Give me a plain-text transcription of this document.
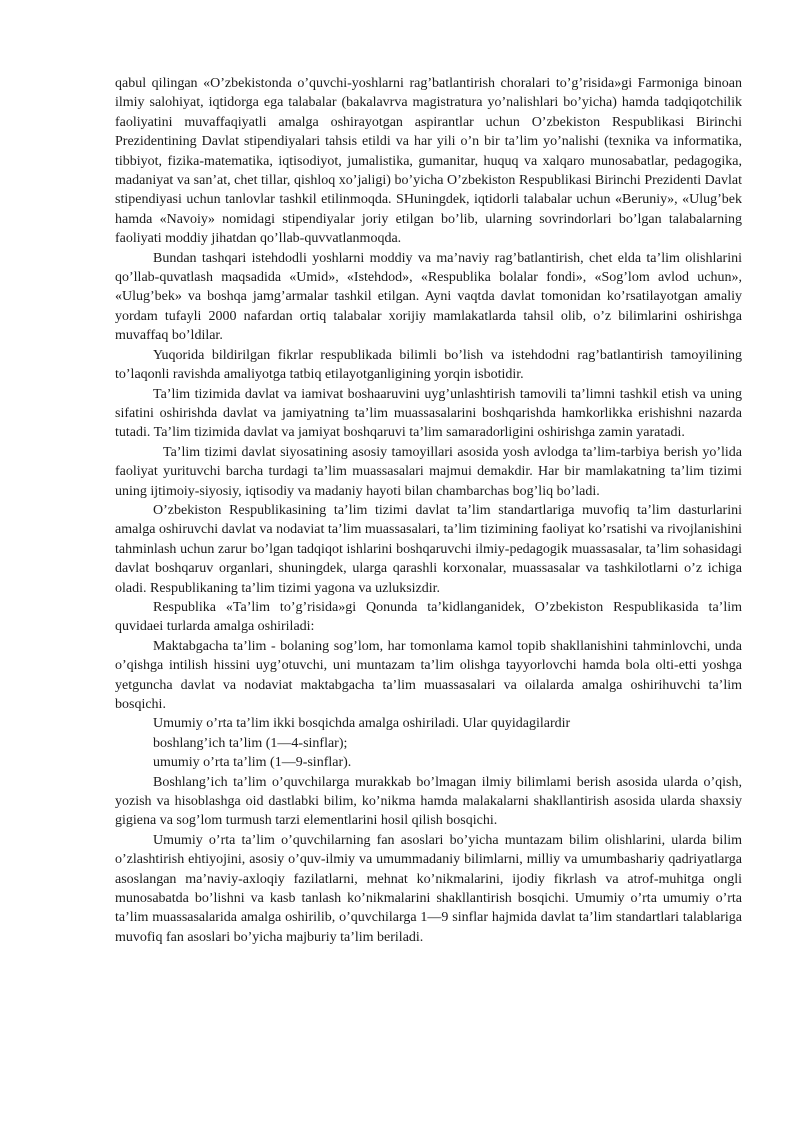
qabul qilingan «O’zbekistonda o’quvchi-yoshlarni rag’batlantirish choralari to’g’risida»gi Farmoniga binoan ilmiy salohiyat, iqtidorga ega talabalar (bakalavrva magistratura yo’nalishlari bo’yicha) hamda tadqiqotchilik faoliyatini muvaffaqiyatli amalga oshirayotgan aspirantlar uchun O’zbekiston Respublikasi Birinchi Prezidentining Davlat stipendiyalari tahsis etildi va har yili o’n bir ta’lim yo’nalishi (texnika va informatika, tibbiyot, fizika-matematika, iqtisodiyot, jumalistika, gumanitar, huquq va xalqaro munosabatlar, pedagogika, madaniyat va san’at, chet tillar, qishloq xo’jaligi) bo’yicha O’zbekiston Respublikasi Birinchi Prezidenti Davlat stipendiyasi uchun tanlovlar tashkil etilinmoqda. SHuningdek, iqtidorli talabalar uchun «Beruniy», «Ulug’bek hamda «Navoiy» nomidagi stipendiyalar joriy etilgan bo’lib, ularning sovrindorlari bo’lgan talabalarning faoliyati moddiy jihatdan qo’llab-quvvatlanmoqda.

Bundan tashqari istehdodli yoshlarni moddiy va ma’naviy rag’batlantirish, chet elda ta’lim olishlarini qo’llab-quvatlash maqsadida «Umid», «Istehdod», «Respublika bolalar fondi», «Sog’lom avlod uchun», «Ulug’bek» va boshqa jamg’armalar tashkil etilgan. Ayni vaqtda davlat tomonidan ko’rsatilayotgan amaliy yordam tufayli 2000 nafardan ortiq talabalar xorijiy mamlakatlarda tahsil olib, o’z bilimlarini oshirishga muvaffaq bo’ldilar.

Yuqorida bildirilgan fikrlar respublikada bilimli bo’lish va istehdodni rag’batlantirish tamoyilining to’laqonli ravishda amaliyotga tatbiq etilayotganligining yorqin isbotidir.

Ta’lim tizimida davlat va iamivat boshaaruvini uyg’unlashtirish tamovili ta’limni tashkil etish va uning sifatini oshirishda davlat va jamiyatning ta’lim muassasalarini boshqarishda hamkorlikka erishishni nazarda tutadi. Ta’lim tizimida davlat va jamiyat boshqaruvi ta’lim samaradorligini oshirishga zamin yaratadi.

Ta’lim tizimi davlat siyosatining asosiy tamoyillari asosida yosh avlodga ta’lim-tarbiya berish yo’lida faoliyat yurituvchi barcha turdagi ta’lim muassasalari majmui demakdir. Har bir mamlakatning ta’lim tizimi uning ijtimoiy-siyosiy, iqtisodiy va madaniy hayoti bilan chambarchas bog’liq bo’ladi.

O’zbekiston Respublikasining ta’lim tizimi davlat ta’lim standartlariga muvofiq ta’lim dasturlarini amalga oshiruvchi davlat va nodaviat ta’lim muassasalari, ta’lim tizimining faoliyat ko’rsatishi va rivojlanishini tahminlash uchun zarur bo’lgan tadqiqot ishlarini boshqaruvchi ilmiy-pedagogik muassasalar, ta’lim sohasidagi davlat boshqaruv organlari, shuningdek, ularga qarashli korxonalar, muassasalar va tashkilotlarni o’z ichiga oladi. Respublikaning ta’lim tizimi yagona va uzluksizdir.

Respublika «Ta’lim to’g’risida»gi Qonunda ta’kidlanganidek, O’zbekiston Respublikasida ta’lim quvidaei turlarda amalga oshiriladi:

Maktabgacha ta’lim - bolaning sog’lom, har tomonlama kamol topib shakllanishini tahminlovchi, unda o’qishga intilish hissini uyg’otuvchi, uni muntazam ta’lim olishga tayyorlovchi hamda bola olti-etti yoshga yetguncha davlat va nodaviat maktabgacha ta’lim muassasalari va oilalarda amalga oshirihuvchi ta’lim bosqichi.

Umumiy o’rta ta’lim ikki bosqichda amalga oshiriladi. Ular quyidagilardir

boshlang’ich ta’lim (1—4-sinflar);

umumiy o’rta ta’lim (1—9-sinflar).

Boshlang’ich ta’lim o’quvchilarga murakkab bo’lmagan ilmiy bilimlami berish asosida ularda o’qish, yozish va hisoblashga oid dastlabki bilim, ko’nikma hamda malakalarni shakllantirish asosida ularda shaxsiy gigiena va sog’lom turmush tarzi elementlarini hosil qilish bosqichi.

Umumiy o’rta ta’lim o’quvchilarning fan asoslari bo’yicha muntazam bilim olishlarini, ularda bilim o’zlashtirish ehtiyojini, asosiy o’quv-ilmiy va umummadaniy bilimlarni, milliy va umumbashariy qadriyatlarga asoslangan ma’naviy-axloqiy fazilatlarni, mehnat ko’nikmalarini, ijodiy fikrlash va atrof-muhitga ongli munosabatda bo’lishni va kasb tanlash ko’nikmalarini shakllantirish bosqichi. Umumiy o’rta umumiy o’rta ta’lim muassasalarida amalga oshirilib, o’quvchilarga 1—9 sinflar hajmida davlat ta’lim standartlari talablariga muvofiq fan asoslari bo’yicha majburiy ta’lim beriladi.
